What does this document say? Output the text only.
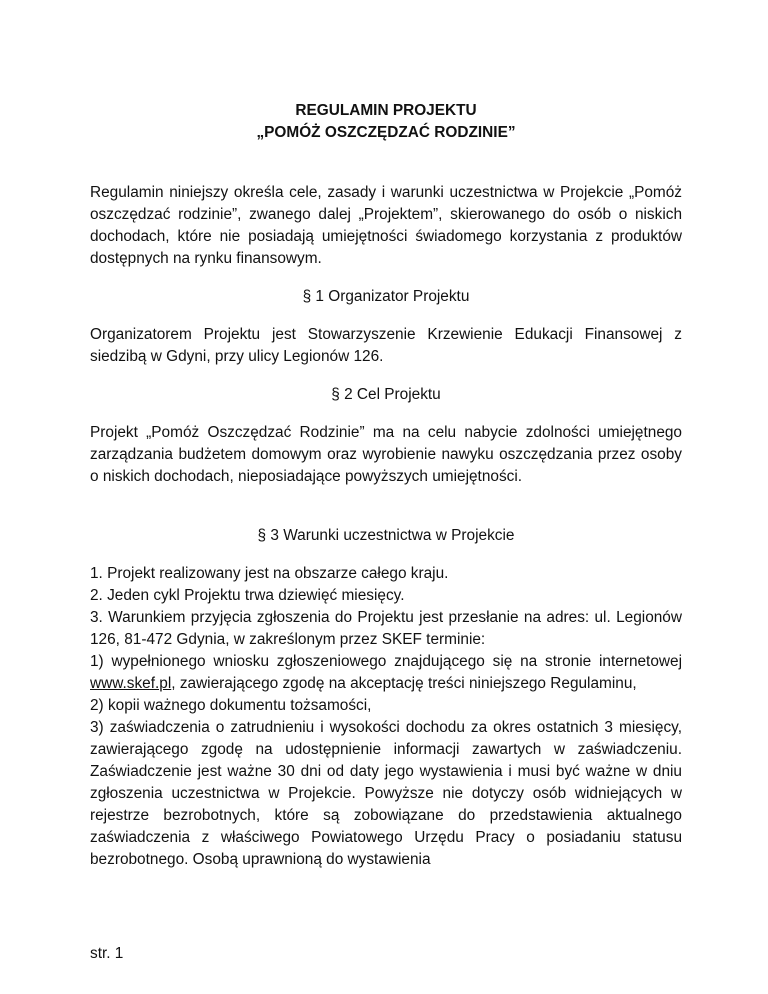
REGULAMIN PROJEKTU
„POMÓŻ OSZCZĘDZAĆ RODZINIE”

Regulamin niniejszy określa cele, zasady i warunki uczestnictwa w Projekcie „Pomóż oszczędzać rodzinie”, zwanego dalej „Projektem”, skierowanego do osób o niskich dochodach, które nie posiadają umiejętności świadomego korzystania z produktów dostępnych na rynku finansowym.

§ 1 Organizator Projektu

Organizatorem Projektu jest Stowarzyszenie Krzewienie Edukacji Finansowej z siedzibą w Gdyni, przy ulicy Legionów 126.

§ 2 Cel Projektu

Projekt „Pomóż Oszczędzać Rodzinie” ma na celu nabycie zdolności umiejętnego zarządzania budżetem domowym oraz wyrobienie nawyku oszczędzania przez osoby o niskich dochodach, nieposiadające powyższych umiejętności.

§ 3 Warunki uczestnictwa w Projekcie

1. Projekt realizowany jest na obszarze całego kraju.

2. Jeden cykl Projektu trwa dziewięć miesięcy.

3. Warunkiem przyjęcia zgłoszenia do Projektu jest przesłanie na adres: ul. Legionów 126, 81-472 Gdynia, w zakreślonym przez SKEF terminie:

1) wypełnionego wniosku zgłoszeniowego znajdującego się na stronie internetowej www.skef.pl, zawierającego zgodę na akceptację treści niniejszego Regulaminu,

2) kopii ważnego dokumentu tożsamości,

3) zaświadczenia o zatrudnieniu i wysokości dochodu za okres ostatnich 3 miesięcy, zawierającego zgodę na udostępnienie informacji zawartych w zaświadczeniu. Zaświadczenie jest ważne 30 dni od daty jego wystawienia i musi być ważne w dniu zgłoszenia uczestnictwa w Projekcie. Powyższe nie dotyczy osób widniejących w rejestrze bezrobotnych, które są zobowiązane do przedstawienia aktualnego zaświadczenia z właściwego Powiatowego Urzędu Pracy o posiadaniu statusu bezrobotnego. Osobą uprawnioną do wystawienia

str. 1
